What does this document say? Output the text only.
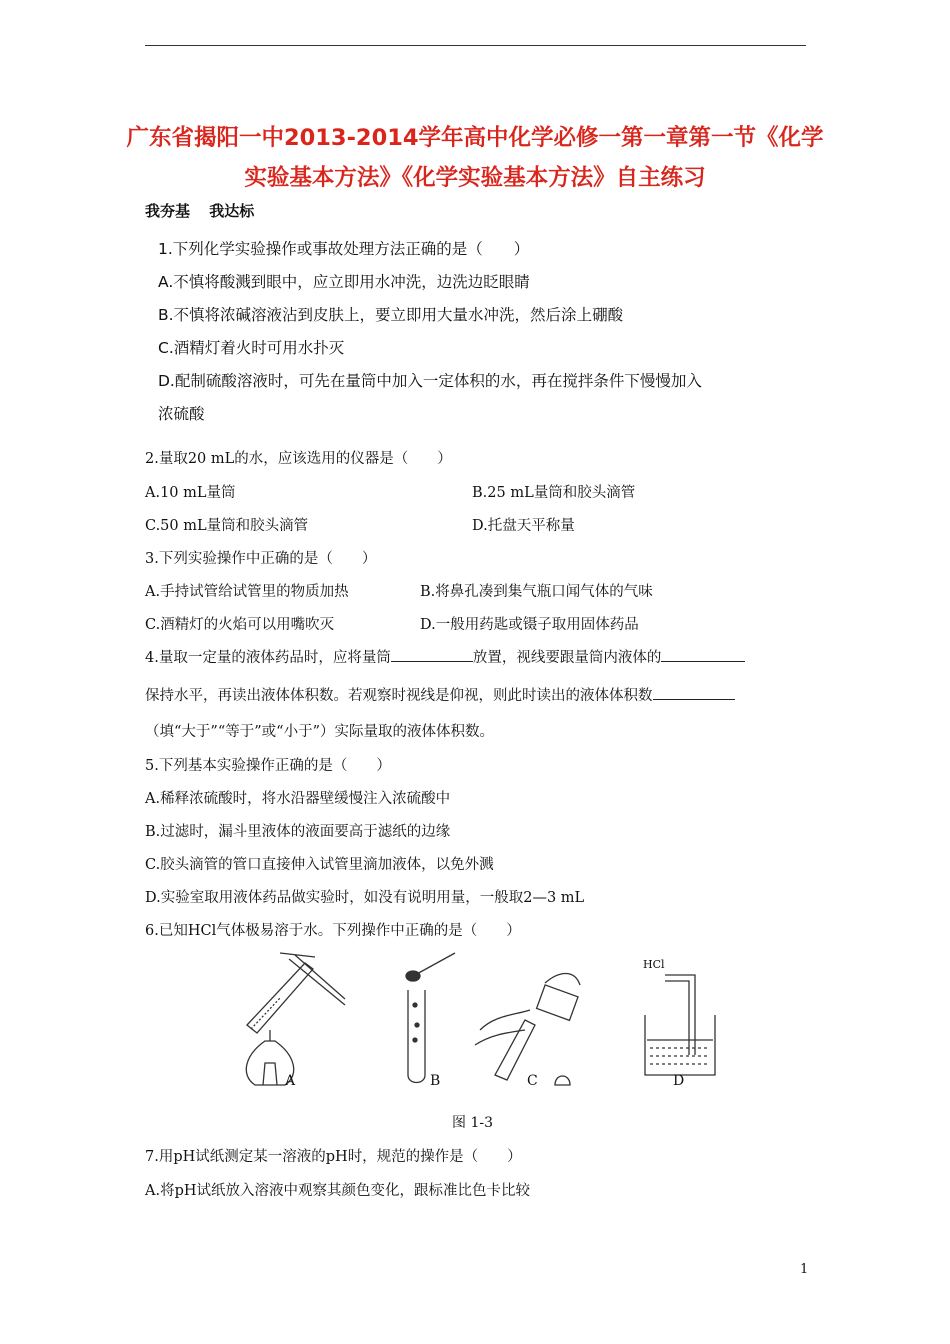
广东省揭阳一中2013-2014学年高中化学必修一第一章第一节《化学
实验基本方法》《化学实验基本方法》自主练习
我夯基 我达标
1.下列化学实验操作或事故处理方法正确的是（　　）
A.不慎将酸溅到眼中，应立即用水冲洗，边洗边眨眼睛
B.不慎将浓碱溶液沾到皮肤上，要立即用大量水冲洗，然后涂上硼酸
C.酒精灯着火时可用水扑灭
D.配制硫酸溶液时，可先在量筒中加入一定体积的水，再在搅拌条件下慢慢加入
浓硫酸
2.量取20 mL的水，应该选用的仪器是（　　）
A.10 mL量筒	B.25 mL量筒和胶头滴管
C.50 mL量筒和胶头滴管	D.托盘天平称量
3.下列实验操作中正确的是（　　）
A.手持试管给试管里的物质加热	B.将鼻孔凑到集气瓶口闻气体的气味
C.酒精灯的火焰可以用嘴吹灭	D.一般用药匙或镊子取用固体药品
4.量取一定量的液体药品时，应将量筒	放置，视线要跟量筒内液体的
保持水平，再读出液体体积数。若观察时视线是仰视，则此时读出的液体体积数
（填“大于”“等于”或“小于”）实际量取的液体体积数。
5.下列基本实验操作正确的是（　　）
A.稀释浓硫酸时，将水沿器壁缓慢注入浓硫酸中
B.过滤时，漏斗里液体的液面要高于滤纸的边缘
C.胶头滴管的管口直接伸入试管里滴加液体，以免外溅
D.实验室取用液体药品做实验时，如没有说明用量，一般取2—3 mL
6.已知HCl气体极易溶于水。下列操作中正确的是（　　）
HCl
A	B	C	D
图 1-3
7.用pH试纸测定某一溶液的pH时，规范的操作是（　　）
A.将pH试纸放入溶液中观察其颜色变化，跟标准比色卡比较
1
